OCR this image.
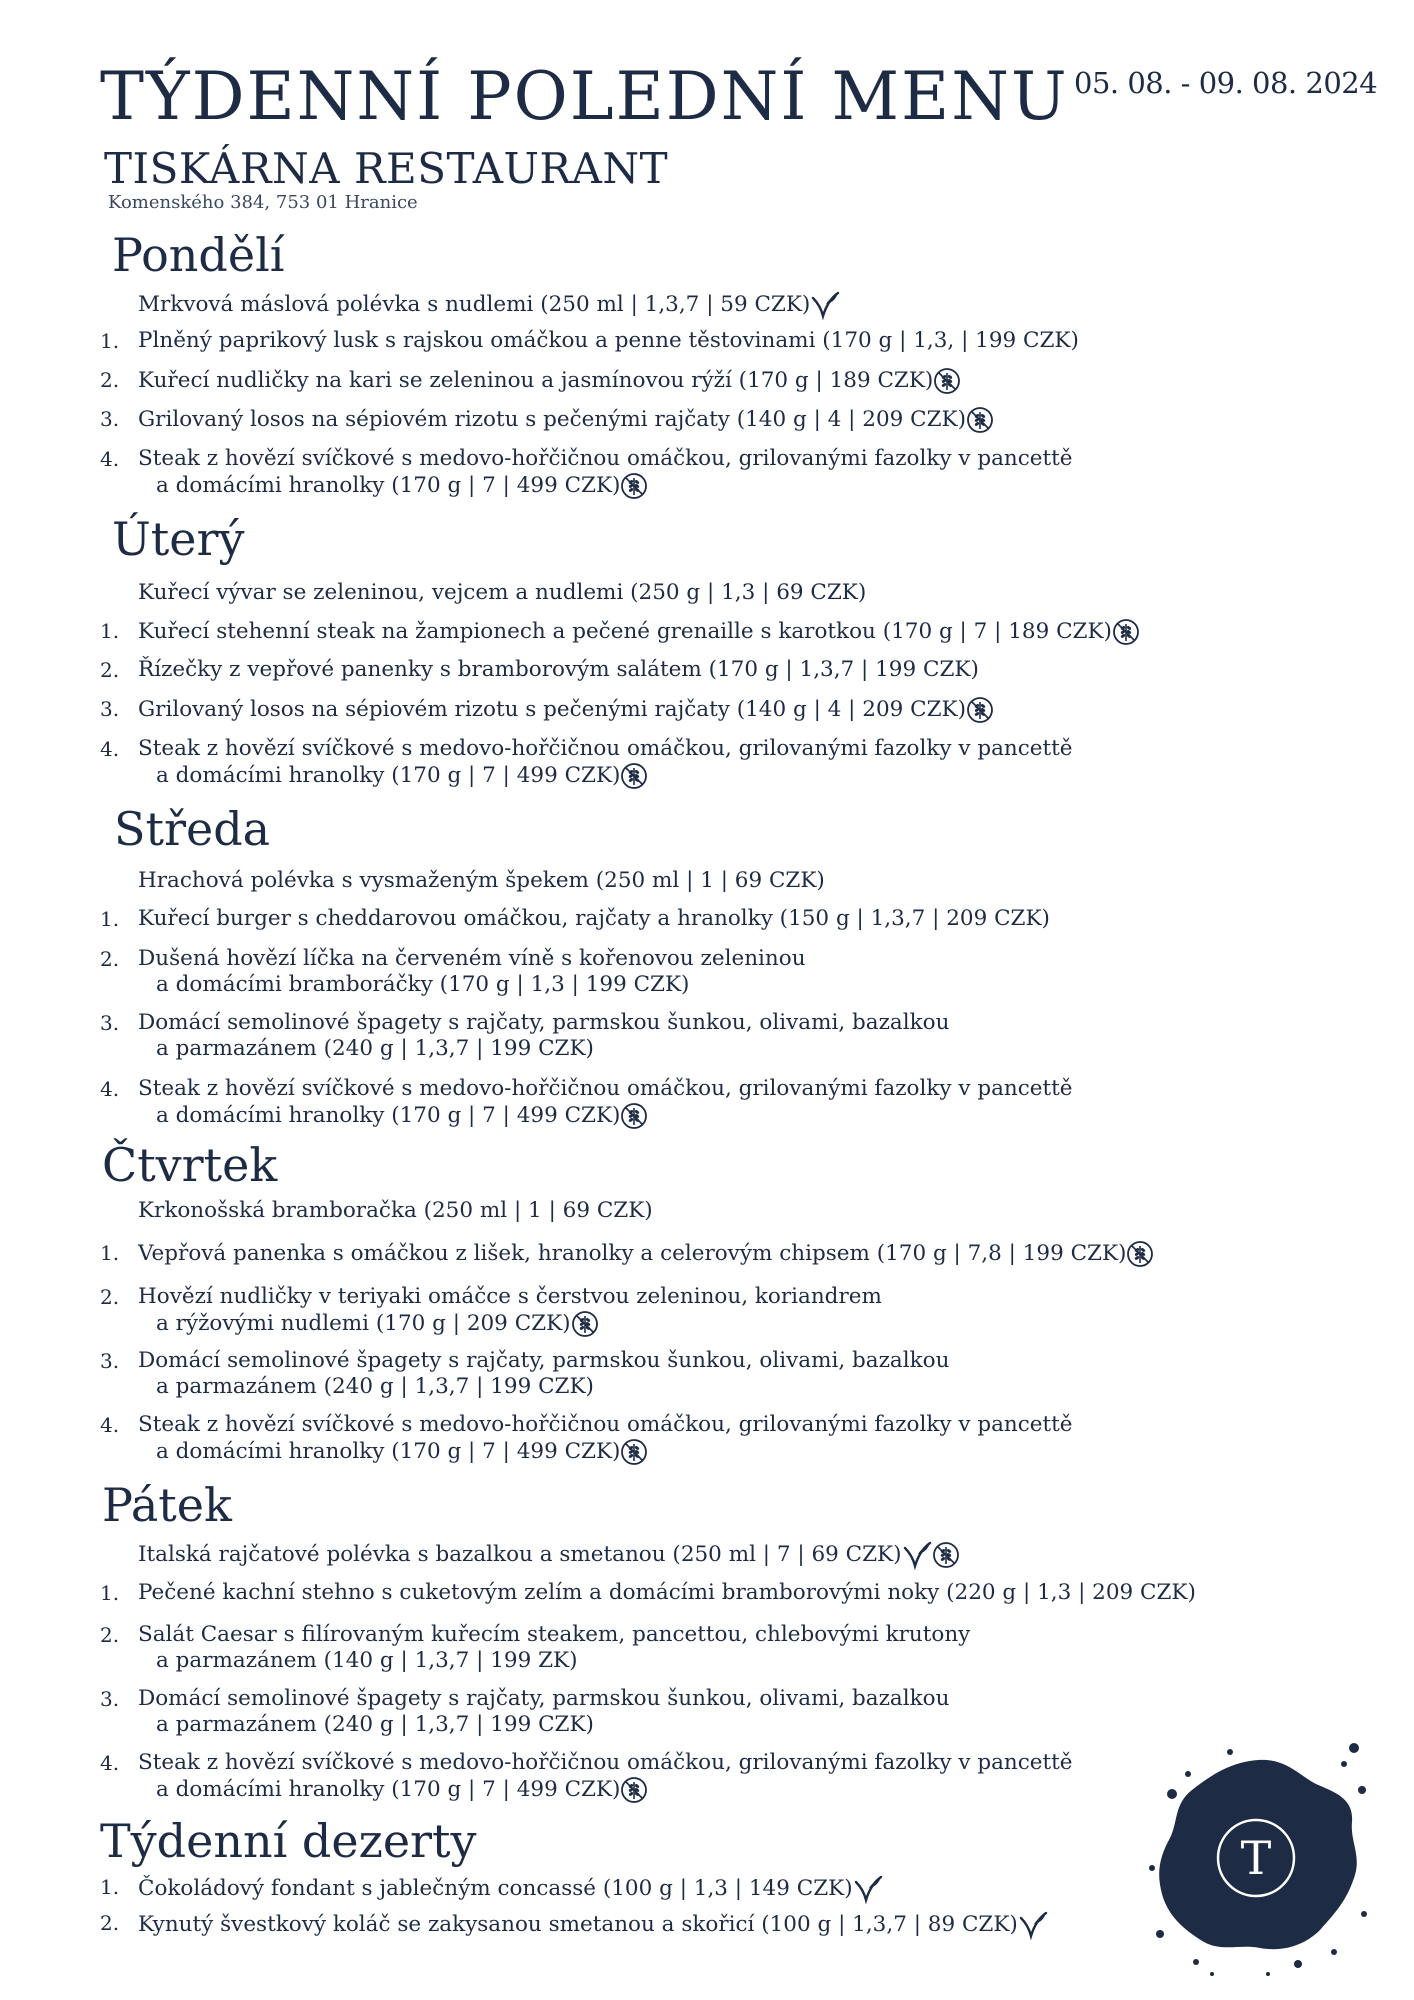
TÝDENNÍ POLEDNÍ MENU 05. 08. - 09. 08. 2024
TISKÁRNA RESTAURANT
Komenského 384, 753 01 Hranice
Pondělí
Mrkvová máslová polévka s nudlemi (250 ml | 1,3,7 | 59 CZK)
1. Plněný paprikový lusk s rajskou omáčkou a penne těstovinami (170 g | 1,3, | 199 CZK)
2. Kuřecí nudličky na kari se zeleninou a jasmínovou rýží (170 g | 189 CZK)
3. Grilovaný losos na sépiovém rizotu s pečenými rajčaty (140 g | 4 | 209 CZK)
4. Steak z hovězí svíčkové s medovo-hořčičnou omáčkou, grilovanými fazolky v pancettě
a domácími hranolky (170 g | 7 | 499 CZK)
Úterý
Kuřecí vývar se zeleninou, vejcem a nudlemi (250 g | 1,3 | 69 CZK)
1. Kuřecí stehenní steak na žampionech a pečené grenaille s karotkou (170 g | 7 | 189 CZK)
2. Řízečky z vepřové panenky s bramborovým salátem (170 g | 1,3,7 | 199 CZK)
3. Grilovaný losos na sépiovém rizotu s pečenými rajčaty (140 g | 4 | 209 CZK)
4. Steak z hovězí svíčkové s medovo-hořčičnou omáčkou, grilovanými fazolky v pancettě
a domácími hranolky (170 g | 7 | 499 CZK)
Středa
Hrachová polévka s vysmaženým špekem (250 ml | 1 | 69 CZK)
1. Kuřecí burger s cheddarovou omáčkou, rajčaty a hranolky (150 g | 1,3,7 | 209 CZK)
2. Dušená hovězí líčka na červeném víně s kořenovou zeleninou
a domácími bramboráčky (170 g | 1,3 | 199 CZK)
3. Domácí semolinové špagety s rajčaty, parmskou šunkou, olivami, bazalkou
a parmazánem (240 g | 1,3,7 | 199 CZK)
4. Steak z hovězí svíčkové s medovo-hořčičnou omáčkou, grilovanými fazolky v pancettě
a domácími hranolky (170 g | 7 | 499 CZK)
Čtvrtek
Krkonošská bramboračka (250 ml | 1 | 69 CZK)
1. Vepřová panenka s omáčkou z lišek, hranolky a celerovým chipsem (170 g | 7,8 | 199 CZK)
2. Hovězí nudličky v teriyaki omáčce s čerstvou zeleninou, koriandrem
a rýžovými nudlemi (170 g | 209 CZK)
3. Domácí semolinové špagety s rajčaty, parmskou šunkou, olivami, bazalkou
a parmazánem (240 g | 1,3,7 | 199 CZK)
4. Steak z hovězí svíčkové s medovo-hořčičnou omáčkou, grilovanými fazolky v pancettě
a domácími hranolky (170 g | 7 | 499 CZK)
Pátek
Italská rajčatové polévka s bazalkou a smetanou (250 ml | 7 | 69 CZK)
1. Pečené kachní stehno s cuketovým zelím a domácími bramborovými noky (220 g | 1,3 | 209 CZK)
2. Salát Caesar s filírovaným kuřecím steakem, pancettou, chlebovými krutony
a parmazánem (140 g | 1,3,7 | 199 ZK)
3. Domácí semolinové špagety s rajčaty, parmskou šunkou, olivami, bazalkou
a parmazánem (240 g | 1,3,7 | 199 CZK)
4. Steak z hovězí svíčkové s medovo-hořčičnou omáčkou, grilovanými fazolky v pancettě
a domácími hranolky (170 g | 7 | 499 CZK)
Týdenní dezerty
1. Čokoládový fondant s jablečným concassé (100 g | 1,3 | 149 CZK)
2. Kynutý švestkový koláč se zakysanou smetanou a skořicí (100 g | 1,3,7 | 89 CZK)
T
